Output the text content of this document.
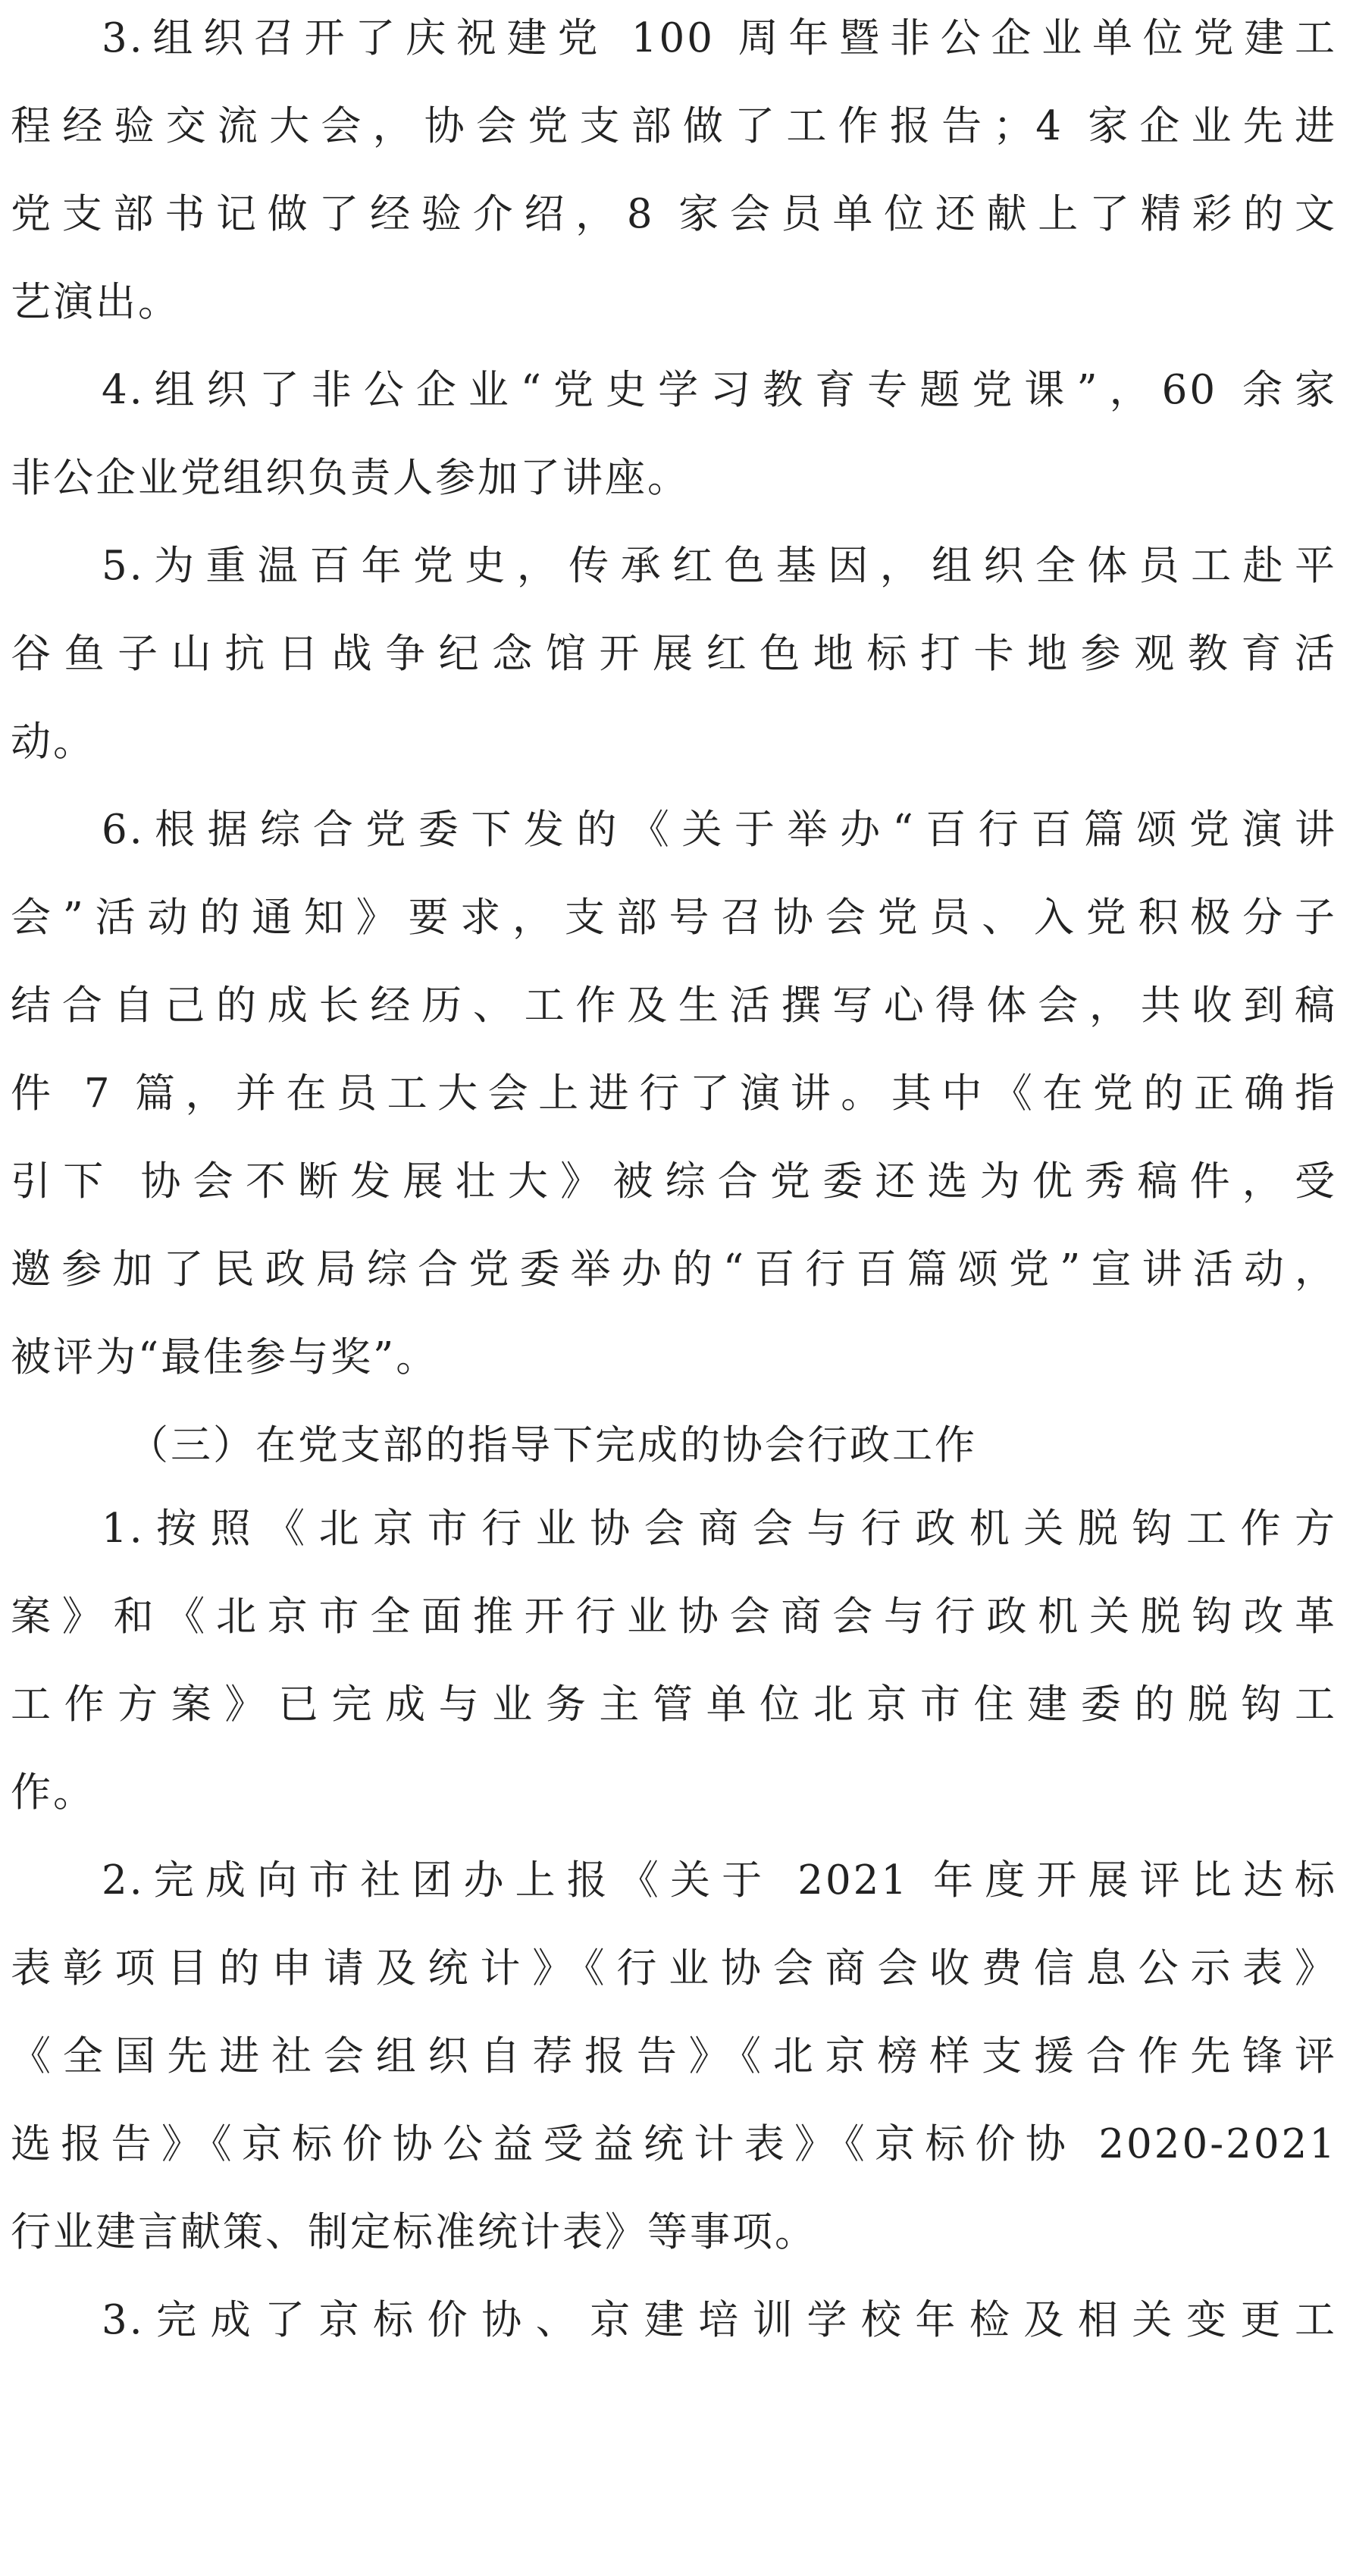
3.组织召开了庆祝建党 100 周年暨非公企业单位党建工
程经验交流大会，协会党支部做了工作报告；4 家企业先进
党支部书记做了经验介绍，8 家会员单位还献上了精彩的文
艺演出。
4.组织了非公企业“党史学习教育专题党课”，60 余家
非公企业党组织负责人参加了讲座。
5.为重温百年党史，传承红色基因，组织全体员工赴平
谷鱼子山抗日战争纪念馆开展红色地标打卡地参观教育活
动。
6.根据综合党委下发的《关于举办“百行百篇颂党演讲
会”活动的通知》要求，支部号召协会党员、入党积极分子
结合自己的成长经历、工作及生活撰写心得体会，共收到稿
件 7 篇，并在员工大会上进行了演讲。其中《在党的正确指
引下 协会不断发展壮大》被综合党委还选为优秀稿件，受
邀参加了民政局综合党委举办的“百行百篇颂党”宣讲活动，
被评为“最佳参与奖”。
（三）在党支部的指导下完成的协会行政工作
1.按照《北京市行业协会商会与行政机关脱钩工作方
案》和《北京市全面推开行业协会商会与行政机关脱钩改革
工作方案》已完成与业务主管单位北京市住建委的脱钩工
作。
2.完成向市社团办上报《关于 2021 年度开展评比达标
表彰项目的申请及统计》《行业协会商会收费信息公示表》
《全国先进社会组织自荐报告》《北京榜样支援合作先锋评
选报告》《京标价协公益受益统计表》《京标价协 2020-2021
行业建言献策、制定标准统计表》等事项。
3.完成了京标价协、京建培训学校年检及相关变更工
